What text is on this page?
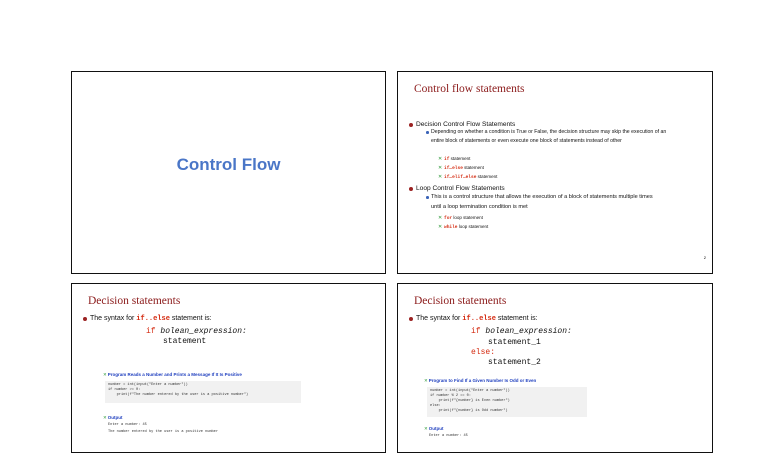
Control Flow
Control flow statements
Decision Control Flow Statements
Depending on whether a condition is True or False, the decision structure may skip the execution of an entire block of statements or even execute one block of statements instead of other
✕ if statement
✕ if…else statement
✕ if…elif…else statement
Loop Control Flow Statements
This is a control structure that allows the execution of a block of statements multiple times until a loop termination condition is met
✕ for loop statement
✕ while loop statement
2
Decision statements
The syntax for if..else statement is:
if bolean_expression:
statement
✕Program Reads a Number and Prints a Message If It Is Positive
number = int(input("Enter a number"))
if number >= 0:
print(f"The number entered by the user is a positive number")
✕Output
Enter a number: 45
The number entered by the user is a positive number
Decision statements
The syntax for if..else statement is:
if bolean_expression:
statement_1
else:
statement_2
✕Program to Find If a Given Number Is Odd or Even
number = int(input("Enter a number"))
if number % 2 == 0:
print(f"{number} is Even number")
else:
print(f"{number} is Odd number")
✕Output
Enter a number: 45
